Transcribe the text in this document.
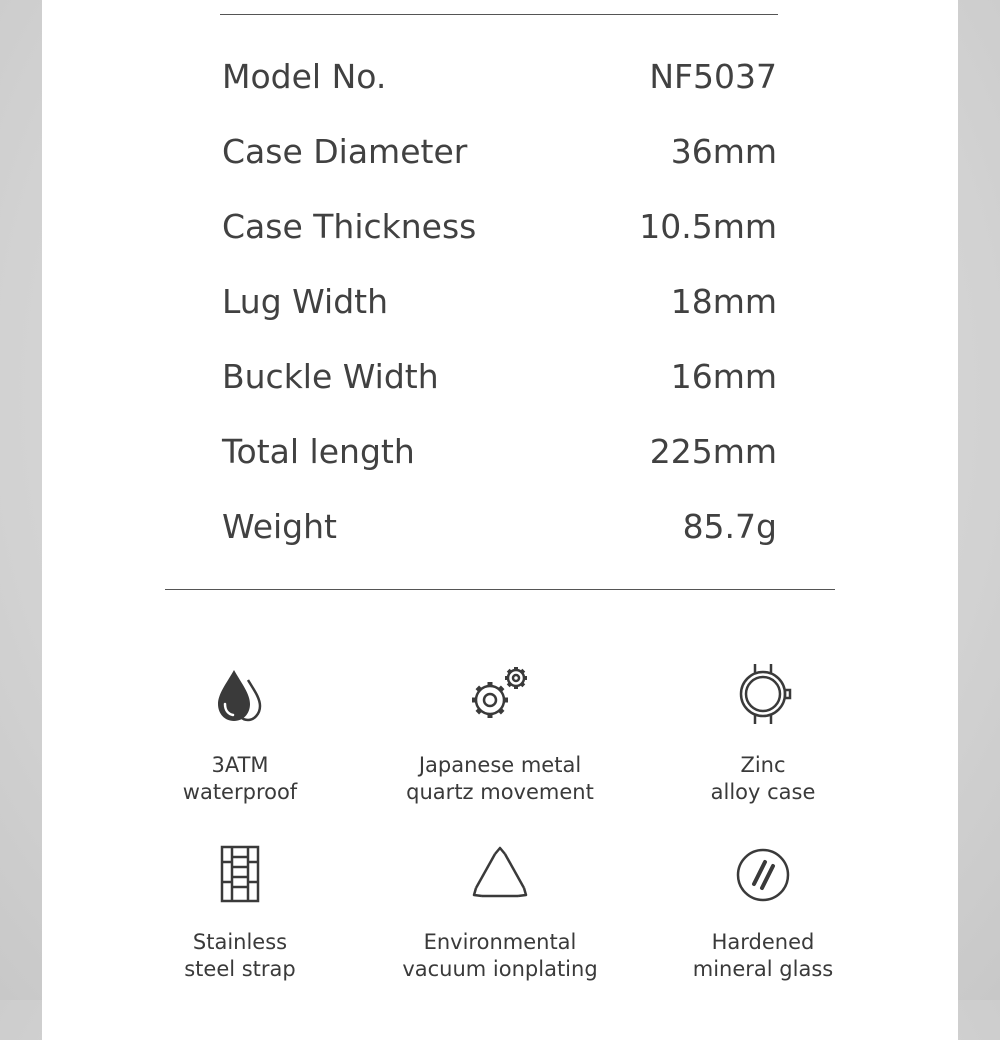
Model No.	NF5037
Case Diameter	36mm
Case Thickness	10.5mm
Lug Width	18mm
Buckle Width	16mm
Total length	225mm
Weight	85.7g
3ATM
waterproof
Japanese metal
quartz movement
Zinc
alloy case
Stainless
steel strap
Environmental
vacuum ionplating
Hardened
mineral glass
